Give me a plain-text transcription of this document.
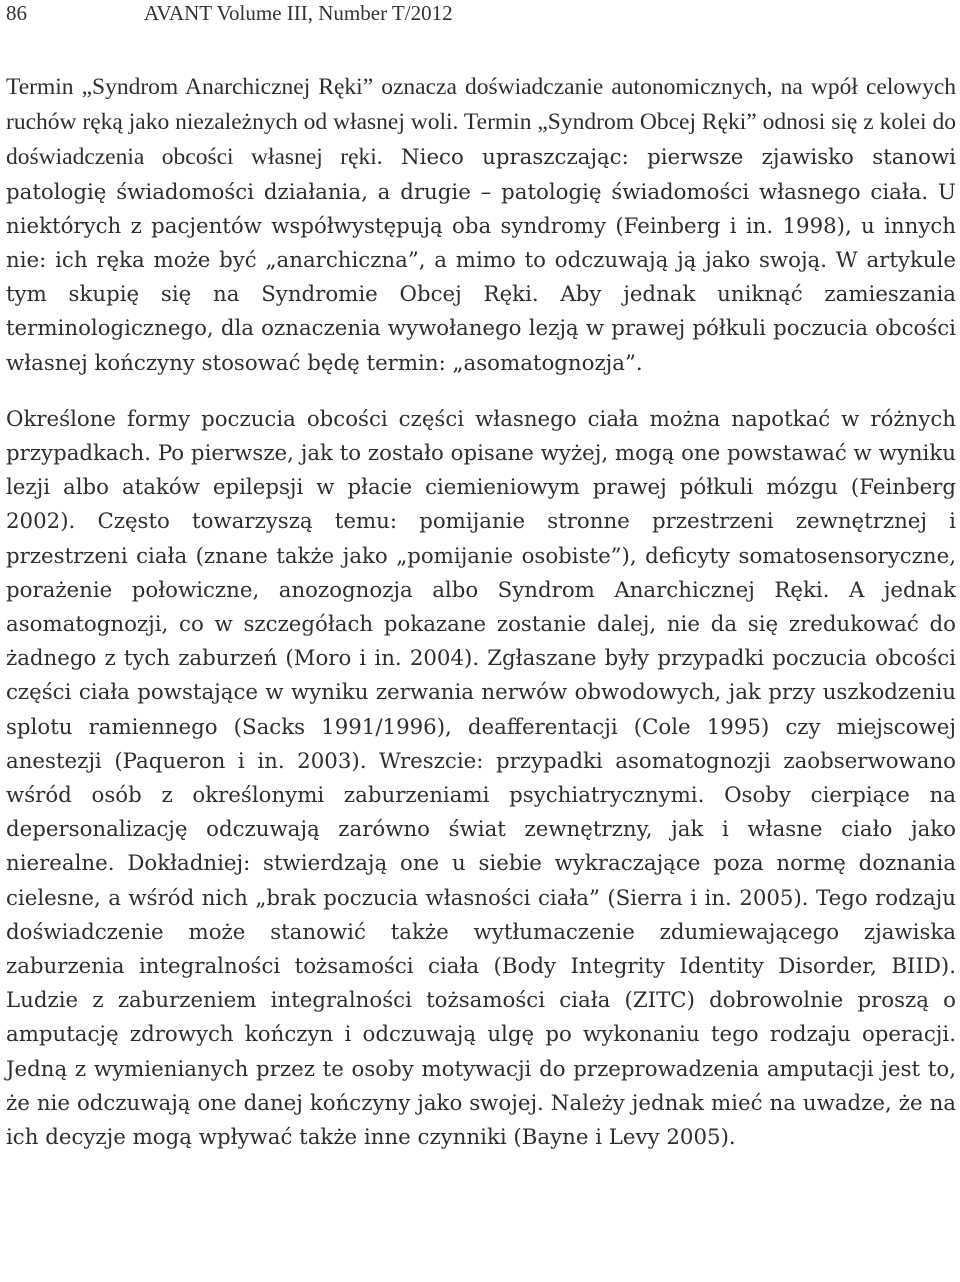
86	AVANT Volume III, Number T/2012

Termin „Syndrom Anarchicznej Ręki” oznacza doświadczanie autonomicznych, na wpół celowych ruchów ręką jako niezależnych od własnej woli. Termin „Syndrom Obcej Ręki” odnosi się z kolei do doświadczenia obcości własnej ręki. Nieco upraszczając: pierwsze zjawisko stanowi patologię świadomości działania, a drugie – patologię świadomości własnego ciała. U niektórych z pacjentów współwystępują oba syndromy (Feinberg i in. 1998), u innych nie: ich ręka może być „anarchiczna”, a mimo to odczuwają ją jako swoją. W artykule tym skupię się na Syndromie Obcej Ręki. Aby jednak uniknąć zamieszania terminologicznego, dla oznaczenia wywołanego lezją w prawej półkuli poczucia obcości własnej kończyny stosować będę termin: „asomatognozja”.

Określone formy poczucia obcości części własnego ciała można napotkać w różnych przypadkach. Po pierwsze, jak to zostało opisane wyżej, mogą one powstawać w wyniku lezji albo ataków epilepsji w płacie ciemieniowym prawej półkuli mózgu (Feinberg 2002). Często towarzyszą temu: pomijanie stronne przestrzeni zewnętrznej i przestrzeni ciała (znane także jako „pomijanie osobiste”), deficyty somatosensoryczne, porażenie połowiczne, anozognozja albo Syndrom Anarchicznej Ręki. A jednak asomatognozji, co w szczegółach pokazane zostanie dalej, nie da się zredukować do żadnego z tych zaburzeń (Moro i in. 2004). Zgłaszane były przypadki poczucia obcości części ciała powstające w wyniku zerwania nerwów obwodowych, jak przy uszkodzeniu splotu ramiennego (Sacks 1991/1996), deafferentacji (Cole 1995) czy miejscowej anestezji (Paqueron i in. 2003). Wreszcie: przypadki asomatognozji zaobserwowano wśród osób z określonymi zaburzeniami psychiatrycznymi. Osoby cierpiące na depersonalizację odczuwają zarówno świat zewnętrzny, jak i własne ciało jako nierealne. Dokładniej: stwierdzają one u siebie wykraczające poza normę doznania cielesne, a wśród nich „brak poczucia własności ciała” (Sierra i in. 2005). Tego rodzaju doświadczenie może stanowić także wytłumaczenie zdumiewającego zjawiska zaburzenia integralności tożsamości ciała (Body Integrity Identity Disorder, BIID). Ludzie z zaburzeniem integralności tożsamości ciała (ZITC) dobrowolnie proszą o amputację zdrowych kończyn i odczuwają ulgę po wykonaniu tego rodzaju operacji. Jedną z wymienianych przez te osoby motywacji do przeprowadzenia amputacji jest to, że nie odczuwają one danej kończyny jako swojej. Należy jednak mieć na uwadze, że na ich decyzje mogą wpływać także inne czynniki (Bayne i Levy 2005).
